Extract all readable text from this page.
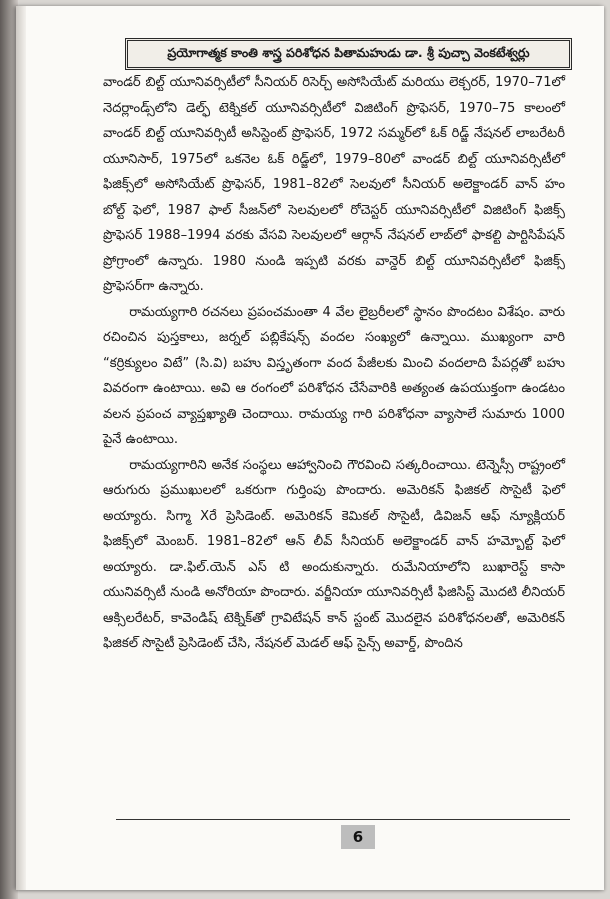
ప్రయోగాత్మక కాంతి శాస్త్ర పరిశోధన పితామహుడు డా. శ్రీ పుచ్చా వెంకటేశ్వర్లు

వాండర్ బిల్ట్ యూనివర్సిటీలో సీనియర్ రిసెర్చ్ అసోసియేట్ మరియు లెక్చరర్, 1970–71లో నెదర్లాండ్స్‌లోని డెల్ఫ్ టెక్నికల్ యూనివర్సిటీలో విజిటింగ్ ప్రొఫెసర్, 1970–75 కాలంలో వాండర్ బిల్ట్ యూనివర్సిటీ అసిస్టెంట్ ప్రొఫెసర్, 1972 సమ్మర్‌లో ఓక్ రిడ్జ్ నేషనల్ లాబరేటరీ యూనిసార్, 1975లో ఒకనెల ఓక్ రిడ్జ్‌లో, 1979–80లో వాండర్ బిల్ట్ యూనివర్సిటీలో ఫిజిక్స్‌లో అసోసియేట్ ప్రొఫెసర్, 1981–82లో సెలవులో సీనియర్ అలెక్జాండర్ వాన్ హం బోల్ట్ ఫెలో, 1987 ఫాల్ సీజన్‌లో సెలవులలో రోచెస్టర్ యూనివర్సిటీలో విజిటింగ్ ఫిజిక్స్ ప్రొఫెసర్ 1988–1994 వరకు వేసవి సెలవులలో ఆర్గాన్ నేషనల్ లాబ్‌లో ఫాకల్టి పార్టిసిపేషన్ ప్రోగ్రాంలో ఉన్నారు. 1980 నుండి ఇప్పటి వరకు వాన్డెర్ బిల్ట్ యూనివర్సిటీలో ఫిజిక్స్ ప్రొఫెసర్‌గా ఉన్నారు.

రామయ్యగారి రచనలు ప్రపంచమంతా 4 వేల లైబ్రరీలలో స్థానం పొందటం విశేషం. వారు రచించిన పుస్తకాలు, జర్నల్ పబ్లికేషన్స్ వందల సంఖ్యలో ఉన్నాయి. ముఖ్యంగా వారి “కర్రిక్యులం విటే” (సి.వి) బహు విస్తృతంగా వంద పేజీలకు మించి వందలాది పేపర్లతో బహు వివరంగా ఉంటాయి. అవి ఆ రంగంలో పరిశోధన చేసేవారికి అత్యంత ఉపయుక్తంగా ఉండటం వలన ప్రపంచ వ్యాప్తఖ్యాతి చెందాయి. రామయ్య గారి పరిశోధనా వ్యాసాలే సుమారు 1000 పైనే ఉంటాయి.

రామయ్యగారిని అనేక సంస్థలు ఆహ్వానించి గౌరవించి సత్కరించాయి. టెన్నెస్సీ రాష్ట్రంలో ఆరుగురు ప్రముఖులలో ఒకరుగా గుర్తింపు పొందారు. అమెరికన్ ఫిజికల్ సొసైటీ ఫెలో అయ్యారు. సిగ్మా Xరే ప్రెసిడెంట్. అమెరికన్ కెమికల్ సొసైటీ, డివిజన్ ఆఫ్ న్యూక్లియర్ ఫిజిక్స్‌లో మెంబర్. 1981–82లో ఆన్ లీవ్ సీనియర్ అలెక్జాండర్ వాన్ హమ్బోల్ట్ ఫెలో అయ్యారు. డా.ఫిల్.యెన్ ఎస్ టి అందుకున్నారు. రుమేనియాలోని బుఖారెస్ట్ కాసా యునివర్సిటీ నుండి అనోరియా పొందారు. వర్జీనియా యూనివర్సిటీ ఫిజిసిస్ట్ మొదటి లీనియర్ ఆక్సిలరేటర్, కావెండిష్ టెక్నిక్‌తో గ్రావిటేషన్ కాన్ స్టంట్ మొదలైన పరిశోధనలతో, అమెరికన్ ఫిజికల్ సొసైటీ ప్రెసిడెంట్ చేసి, నేషనల్ మెడల్ ఆఫ్ సైన్స్ అవార్డ్, పొందిన

6
